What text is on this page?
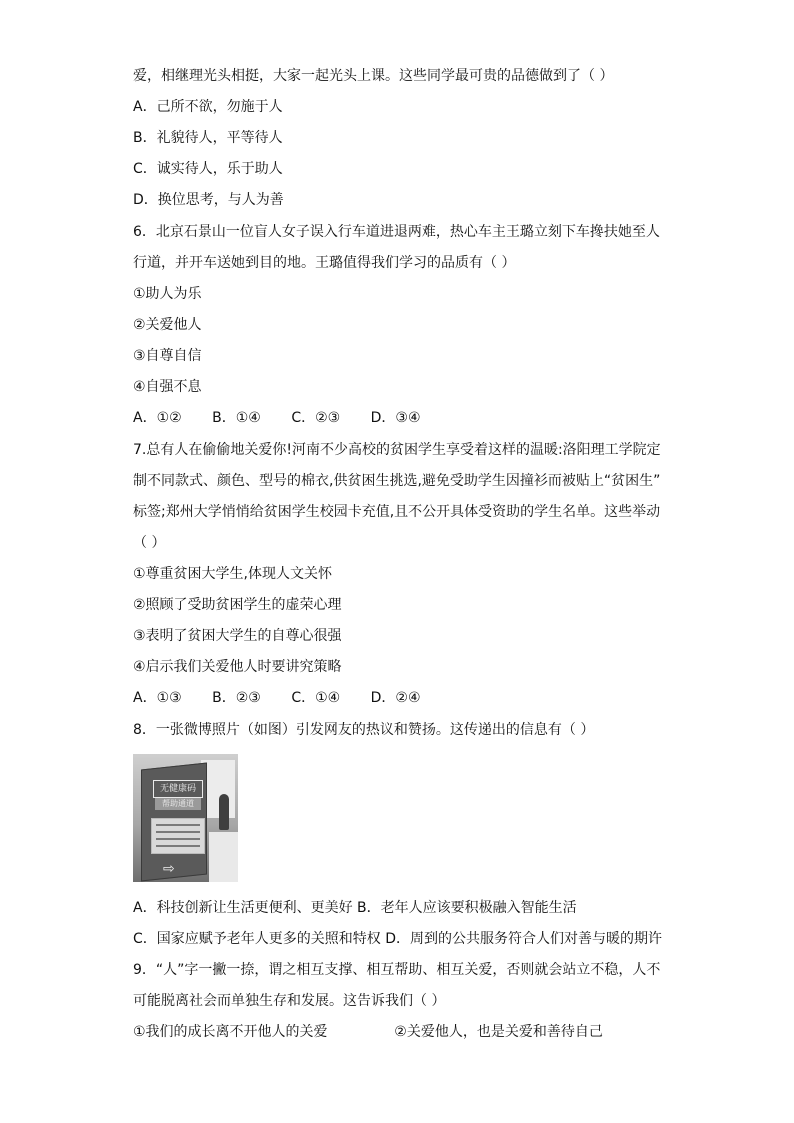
爱，相继理光头相挺，大家一起光头上课。这些同学最可贵的品德做到了（ ）
A．己所不欲，勿施于人
B．礼貌待人，平等待人
C．诚实待人，乐于助人
D．换位思考，与人为善
6．北京石景山一位盲人女子误入行车道进退两难，热心车主王璐立刻下车搀扶她至人
行道，并开车送她到目的地。王璐值得我们学习的品质有（ ）
①助人为乐
②关爱他人
③自尊自信
④自强不息
A．①② B．①④ C．②③ D．③④
7.总有人在偷偷地关爱你!河南不少高校的贫困学生享受着这样的温暖:洛阳理工学院定
制不同款式、颜色、型号的棉衣,供贫困生挑选,避免受助学生因撞衫而被贴上“贫困生”
标签;郑州大学悄悄给贫困学生校园卡充值,且不公开具体受资助的学生名单。这些举动
（ ）
①尊重贫困大学生,体现人文关怀
②照顾了受助贫困学生的虚荣心理
③表明了贫困大学生的自尊心很强
④启示我们关爱他人时要讲究策略
A．①③ B．②③ C．①④ D．②④
8．一张微博照片（如图）引发网友的热议和赞扬。这传递出的信息有（ ）
无健康码
帮助通道
⇨
A．科技创新让生活更便利、更美好 B．老年人应该要积极融入智能生活
C．国家应赋予老年人更多的关照和特权 D．周到的公共服务符合人们对善与暖的期许
9．“人”字一撇一捺，谓之相互支撑、相互帮助、相互关爱，否则就会站立不稳，人不
可能脱离社会而单独生存和发展。这告诉我们（ ）
①我们的成长离不开他人的关爱               ②关爱他人，也是关爱和善待自己
